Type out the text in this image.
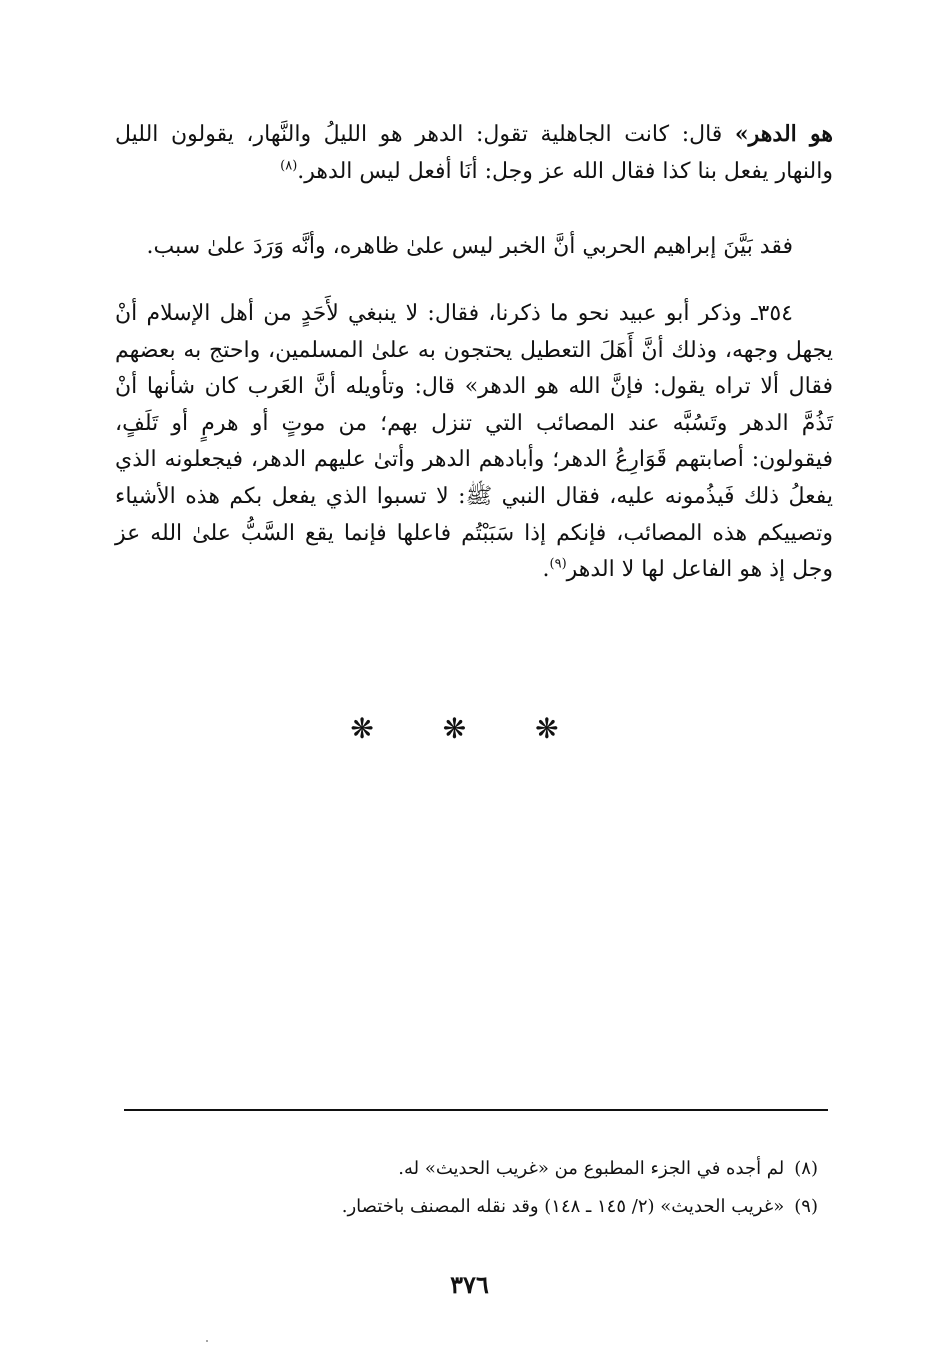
هو الدهر» قال: كانت الجاهلية تقول: الدهر هو الليلُ والنَّهار، يقولون الليل والنهار يفعل بنا كذا فقال الله عز وجل: أنَا أفعل ليس الدهر.$^{(٨)}$

فقد بَيَّنَ إبراهيم الحربي أنَّ الخبر ليس علىٰ ظاهره، وأنَّه وَرَدَ علىٰ سبب.

٣٥٤ـ وذكر أبو عبيد نحو ما ذكرنا، فقال: لا ينبغي لأَحَدٍ من أهل الإسلام أنْ يجهل وجهه، وذلك أنَّ أَهَلَ التعطيل يحتجون به علىٰ المسلمين، واحتج به بعضهم فقال ألا تراه يقول: فإنَّ الله هو الدهر» قال: وتأويله أنَّ العَرب كان شأنها أنْ تَذُمَّ الدهر وتَسُبَّه عند المصائب التي تنزل بهم؛ من موتٍ أو هرمٍ أو تَلَفٍ، فيقولون: أصابتهم قَوَارِعُ الدهر؛ وأبادهم الدهر وأتىٰ عليهم الدهر، فيجعلونه الذي يفعلُ ذلك فَيذُمونه عليه، فقال النبي ﷺ: لا تسبوا الذي يفعل بكم هذه الأشياء وتصييكم هذه المصائب، فإنكم إذا سَبَبْتُم فاعلها فإنما يقع السَّبُّ علىٰ الله عز وجل إذ هو الفاعل لها لا الدهر$^{(٩)}$.

❋ ❋ ❋
(٨)لم أجده في الجزء المطبوع من «غريب الحديث» له.
(٩)«غريب الحديث» (٢/ ١٤٥ ـ ١٤٨) وقد نقله المصنف باختصار.
٣٧٦
